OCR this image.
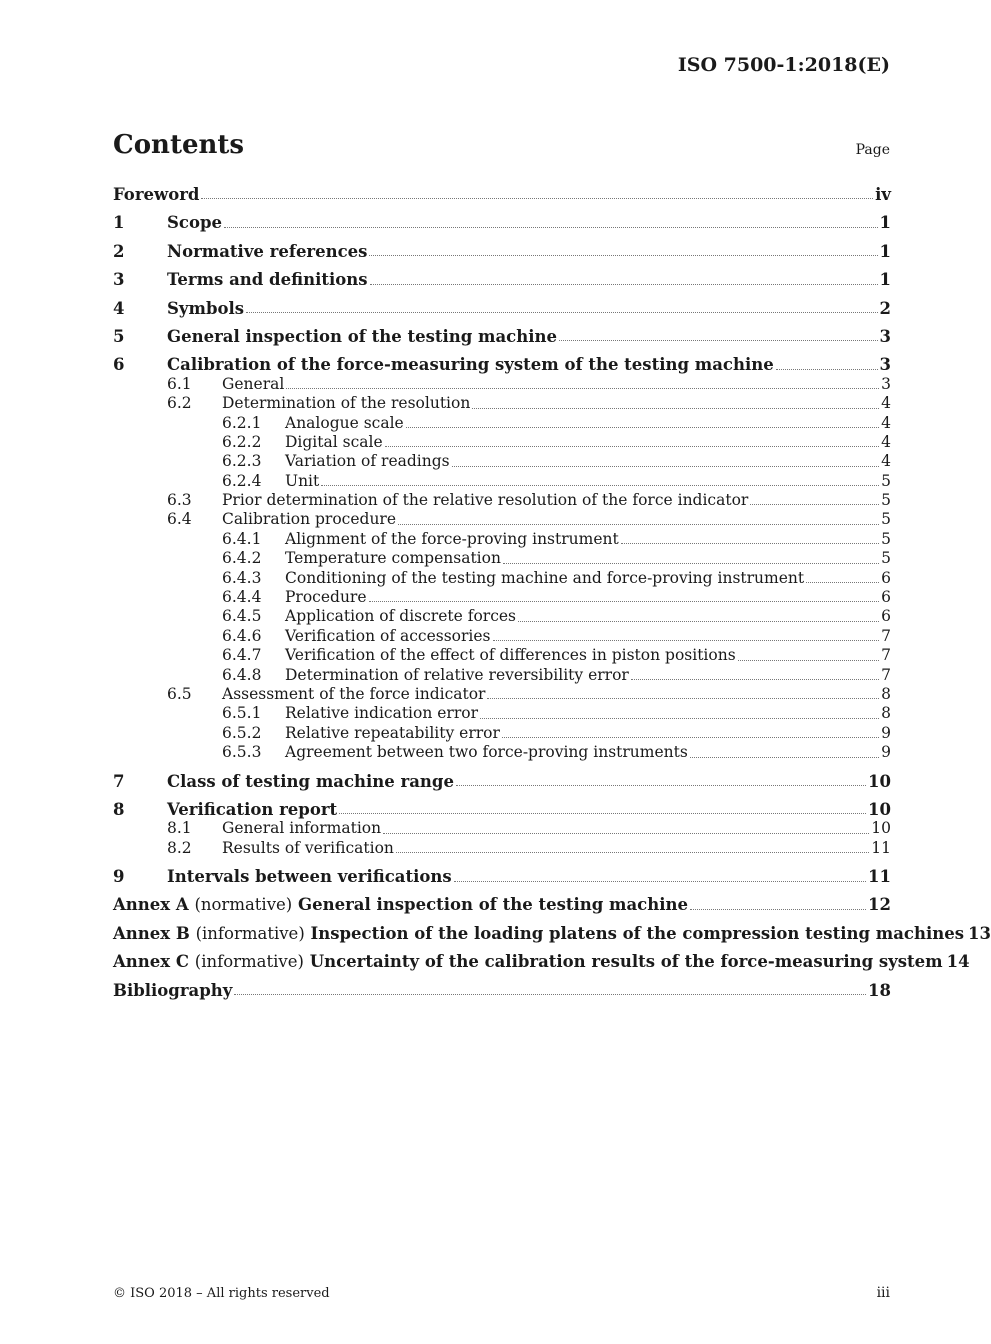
ISO 7500-1:2018(E)
Contents	Page
Foreword	iv
1	Scope	1
2	Normative references	1
3	Terms and definitions	1
4	Symbols	2
5	General inspection of the testing machine	3
6	Calibration of the force-measuring system of the testing machine	3
6.1 General	3
6.2 Determination of the resolution	4
6.2.1 Analogue scale	4
6.2.2 Digital scale	4
6.2.3 Variation of readings	4
6.2.4 Unit	5
6.3 Prior determination of the relative resolution of the force indicator	5
6.4 Calibration procedure	5
6.4.1 Alignment of the force-proving instrument	5
6.4.2 Temperature compensation	5
6.4.3 Conditioning of the testing machine and force-proving instrument	6
6.4.4 Procedure	6
6.4.5 Application of discrete forces	6
6.4.6 Verification of accessories	7
6.4.7 Verification of the effect of differences in piston positions	7
6.4.8 Determination of relative reversibility error	7
6.5 Assessment of the force indicator	8
6.5.1 Relative indication error	8
6.5.2 Relative repeatability error	9
6.5.3 Agreement between two force-proving instruments	9
7	Class of testing machine range	10
8	Verification report	10
8.1 General information	10
8.2 Results of verification	11
9	Intervals between verifications	11
Annex A (normative) General inspection of the testing machine	12
Annex B (informative) Inspection of the loading platens of the compression testing machines 13
Annex C (informative) Uncertainty of the calibration results of the force-measuring system 14
Bibliography	18
© ISO 2018 – All rights reserved	iii
